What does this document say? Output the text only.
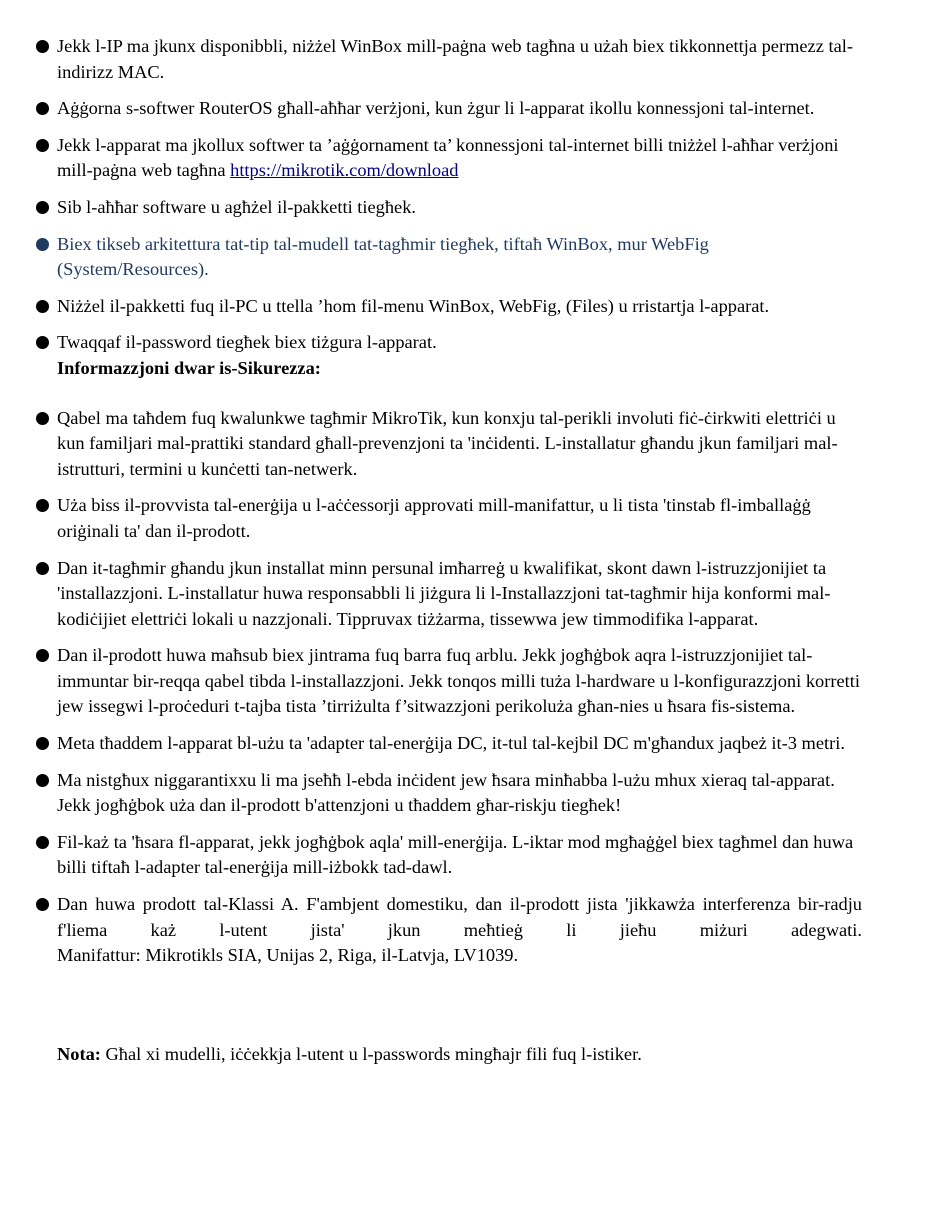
Jekk l-IP ma jkunx disponibbli, niżżel WinBox mill-paġna web tagħna u użah biex tikkonnettja permezz tal-indirizz MAC.
Aġġorna s-softwer RouterOS għall-aħħar verżjoni, kun żgur li l-apparat ikollu konnessjoni tal-internet.
Jekk l-apparat ma jkollux softwer ta ’aġġornament ta’ konnessjoni tal-internet billi tniżżel l-aħħar verżjoni mill-paġna web tagħna https://mikrotik.com/download
Sib l-aħħar software u agħżel il-pakketti tiegħek.
Biex tikseb arkitettura tat-tip tal-mudell tat-tagħmir tiegħek, tiftaħ WinBox, mur WebFig (System/Resources).
Niżżel il-pakketti fuq il-PC u ttella ’hom fil-menu WinBox, WebFig, (Files) u rristartja l-apparat.
Twaqqaf il-password tiegħek biex tiżgura l-apparat.
Informazzjoni dwar is-Sikurezza:
Qabel ma taħdem fuq kwalunkwe tagħmir MikroTik, kun konxju tal-perikli involuti fiċ-ċirkwiti elettriċi u kun familjari mal-prattiki standard għall-prevenzjoni ta 'inċidenti. L-installatur għandu jkun familjari mal-istrutturi, termini u kunċetti tan-netwerk.
Uża biss il-provvista tal-enerġija u l-aċċessorji approvati mill-manifattur, u li tista 'tinstab fl-imballaġġ oriġinali ta' dan il-prodott.
Dan it-tagħmir għandu jkun installat minn persunal imħarreġ u kwalifikat, skont dawn l-istruzzjonijiet ta 'installazzjoni. L-installatur huwa responsabbli li jiżgura li l-Installazzjoni tat-tagħmir hija konformi mal-kodiċijiet elettriċi lokali u nazzjonali. Tippruvax tiżżarma, tissewwa jew timmodifika l-apparat.
Dan il-prodott huwa maħsub biex jintrama fuq barra fuq arblu. Jekk jogħġbok aqra l-istruzzjonijiet tal-immuntar bir-reqqa qabel tibda l-installazzjoni. Jekk tonqos milli tuża l-hardware u l-konfigurazzjoni korretti jew issegwi l-proċeduri t-tajba tista ’tirriżulta f’sitwazzjoni perikoluża għan-nies u ħsara fis-sistema.
Meta tħaddem l-apparat bl-użu ta 'adapter tal-enerġija DC, it-tul tal-kejbil DC m'għandux jaqbeż it-3 metri.
Ma nistgħux niggarantixxu li ma jseħħ l-ebda inċident jew ħsara minħabba l-użu mhux xieraq tal-apparat. Jekk jogħġbok uża dan il-prodott b'attenzjoni u tħaddem għar-riskju tiegħek!
Fil-każ ta 'ħsara fl-apparat, jekk jogħġbok aqla' mill-enerġija. L-iktar mod mgħaġġel biex tagħmel dan huwa billi tiftaħ l-adapter tal-enerġija mill-iżbokk tad-dawl.
Dan huwa prodott tal-Klassi A. F'ambjent domestiku, dan il-prodott jista 'jikkawża interferenza bir-radju f'liema każ l-utent jista' jkun meħtieġ li jieħu miżuri adegwati.
Manifattur: Mikrotikls SIA, Unijas 2, Riga, il-Latvja, LV1039.
Nota: Għal xi mudelli, iċċekkja l-utent u l-passwords mingħajr fili fuq l-istiker.
